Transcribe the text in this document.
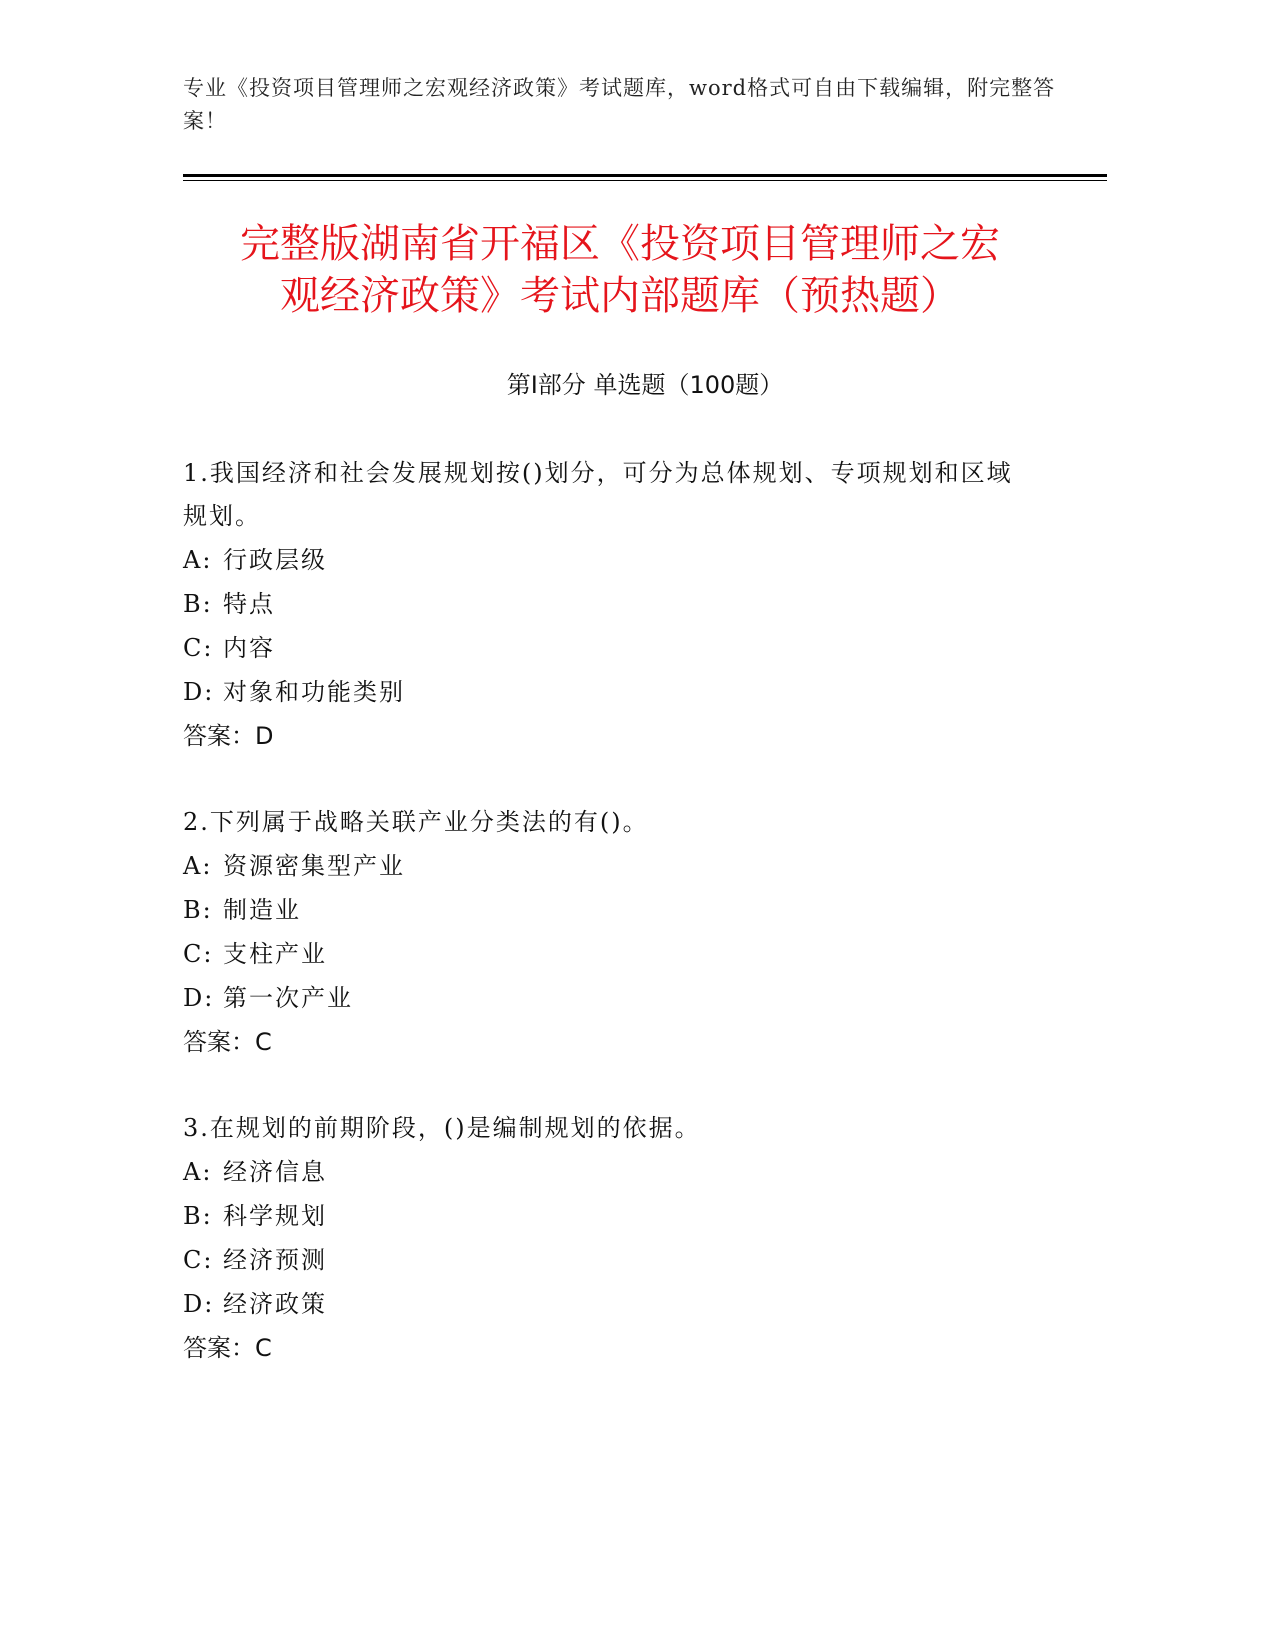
专业《投资项目管理师之宏观经济政策》考试题库，word格式可自由下载编辑，附完整答案！
完整版湖南省开福区《投资项目管理师之宏
观经济政策》考试内部题库（预热题）
第Ⅰ部分 单选题（100题）

1.我国经济和社会发展规划按()划分，可分为总体规划、专项规划和区域规划。

A: 行政层级
B: 特点
C: 内容
D: 对象和功能类别
答案：D

2.下列属于战略关联产业分类法的有()。

A: 资源密集型产业
B: 制造业
C: 支柱产业
D: 第一次产业
答案：C

3.在规划的前期阶段，()是编制规划的依据。

A: 经济信息
B: 科学规划
C: 经济预测
D: 经济政策
答案：C
